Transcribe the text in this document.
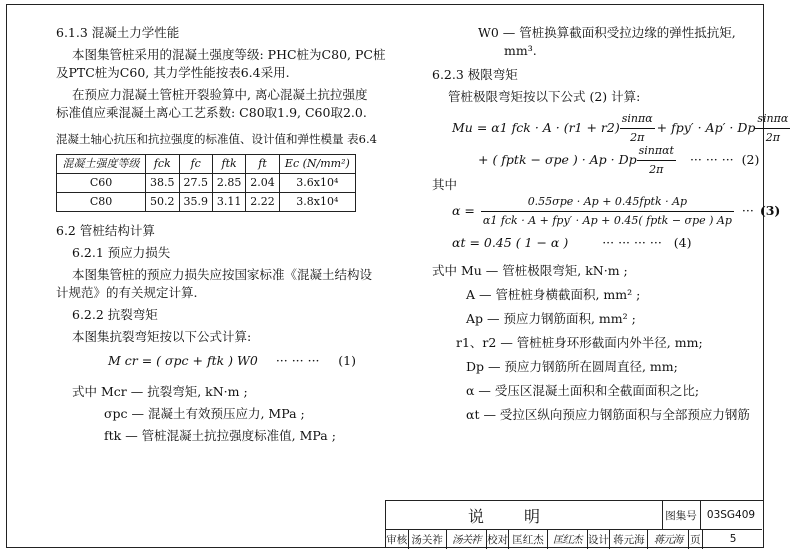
6.1.3 混凝土力学性能

本图集管桩采用的混凝土强度等级: PHC桩为C80, PC桩

及PTC桩为C60, 其力学性能按表6.4采用.

在预应力混凝土管桩开裂验算中, 离心混凝土抗拉强度

标准值应乘混凝土离心工艺系数: C80取1.9, C60取2.0.

混凝土轴心抗压和抗拉强度的标准值、设计值和弹性模量 表6.4
混凝土强度等级	fck	fc	ftk	ft	Ec (N/mm²)
C60	38.5	27.5	2.85	2.04	3.6x10⁴
C80	50.2	35.9	3.11	2.22	3.8x10⁴

6.2 管桩结构计算

6.2.1 预应力损失

本图集管桩的预应力损失应按国家标准《混凝土结构设

计规范》的有关规定计算.

6.2.2 抗裂弯矩

本图集抗裂弯矩按以下公式计算:

M cr = ( σpc + ftk ) W0 ··· ··· ··· (1)

式中 Mcr — 抗裂弯矩, kN·m ;

σpc — 混凝土有效预压应力, MPa ;

ftk — 管桩混凝土抗拉强度标准值, MPa ;

W0 — 管桩换算截面积受拉边缘的弹性抵抗矩,

mm³.

6.2.3 极限弯矩

管桩极限弯矩按以下公式 (2) 计算:

Mu = α1 fck · $A \cdot (r1 + r2) \frac{\sin\pi\alpha}{2\pi} + fpy' \cdot Ap' \cdot Dp \frac{\sin\pi\alpha}{2\pi}$
+ ( fptk − σpe ) · Ap · Dp $\frac{\text{sinπαt}}{2\pi}$ ··· ··· ··· (2)

其中

$\alpha = \frac{\text{0.55σpe · Ap + 0.45fptk · Ap}}{\text{α1 fck · A + fpy′ · Ap + 0.45( fptk − σpe ) Ap}}$ ··· (3)
αt = 0.45 ( 1 − α )	··· ··· ··· ··· (4)

式中 Mu — 管桩极限弯矩, kN·m ;

A — 管桩桩身横截面积, mm² ;

Ap — 预应力钢筋面积, mm² ;

r1、r2 — 管桩桩身环形截面内外半径, mm;

Dp — 预应力钢筋所在圆周直径, mm;

α — 受压区混凝土面积和全截面面积之比;

αt — 受拉区纵向预应力钢筋面积与全部预应力钢筋

说明	图集号 03SG409
审核 汤关祚 汤关祚 校对 匡红杰 匡红杰 设计 蒋元海 蒋元海 页	5
